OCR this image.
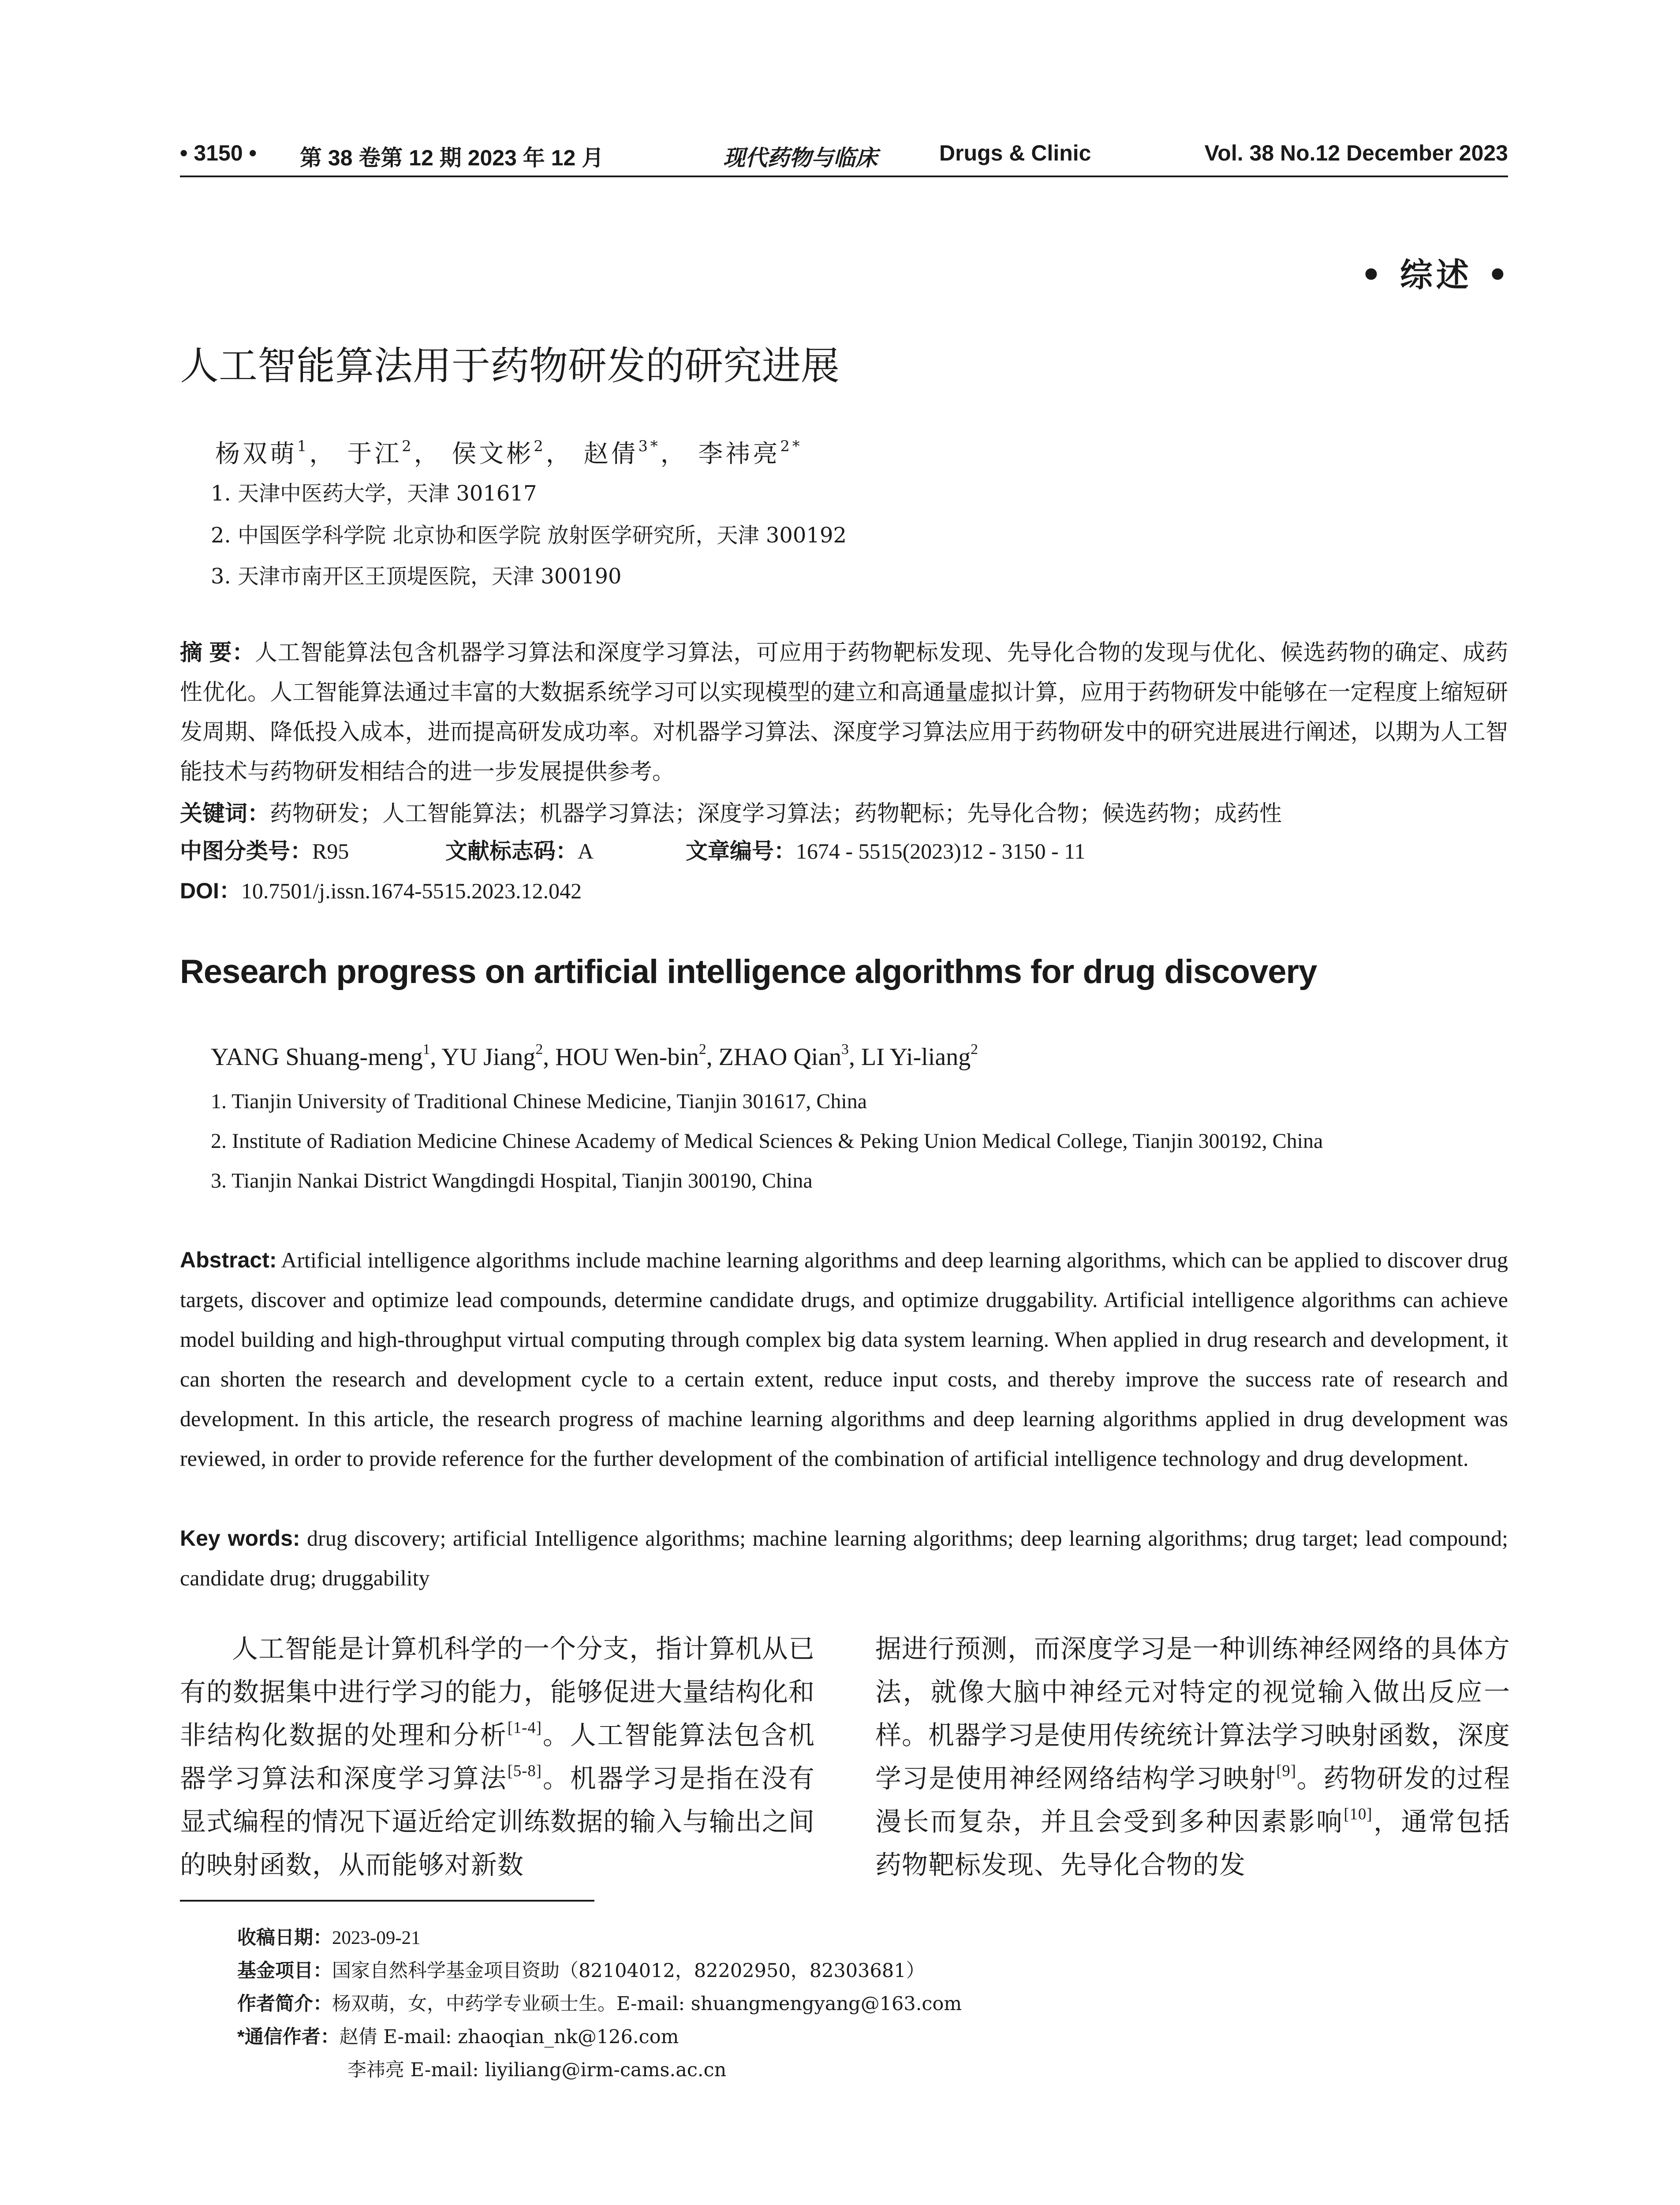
• 3150 • 第 38 卷第 12 期 2023 年 12 月	现代药物与临床	Drugs & Clinic	Vol. 38 No.12 December 2023
• 综述 •
人工智能算法用于药物研发的研究进展
杨双萌$^1$， 于江$^2$， 侯文彬$^2$， 赵倩$^{3*}$， 李祎亮$^{2*}$
1. 天津中医药大学，天津 301617
2. 中国医学科学院 北京协和医学院 放射医学研究所，天津 300192
3. 天津市南开区王顶堤医院，天津 300190
摘 要：人工智能算法包含机器学习算法和深度学习算法，可应用于药物靶标发现、先导化合物的发现与优化、候选药物的确定、成药性优化。人工智能算法通过丰富的大数据系统学习可以实现模型的建立和高通量虚拟计算，应用于药物研发中能够在一定程度上缩短研发周期、降低投入成本，进而提高研发成功率。对机器学习算法、深度学习算法应用于药物研发中的研究进展进行阐述，以期为人工智能技术与药物研发相结合的进一步发展提供参考。
关键词：药物研发；人工智能算法；机器学习算法；深度学习算法；药物靶标；先导化合物；候选药物；成药性
中图分类号：R95	文献标志码：A	文章编号：1674 - 5515(2023)12 - 3150 - 11
DOI：10.7501/j.issn.1674-5515.2023.12.042
Research progress on artificial intelligence algorithms for drug discovery
YANG Shuang-meng$^1$, YU Jiang$^2$, HOU Wen-bin$^2$, ZHAO Qian$^3$, LI Yi-liang$^2$
1. Tianjin University of Traditional Chinese Medicine, Tianjin 301617, China
2. Institute of Radiation Medicine Chinese Academy of Medical Sciences & Peking Union Medical College, Tianjin 300192, China
3. Tianjin Nankai District Wangdingdi Hospital, Tianjin 300190, China
Abstract: Artificial intelligence algorithms include machine learning algorithms and deep learning algorithms, which can be applied to discover drug targets, discover and optimize lead compounds, determine candidate drugs, and optimize druggability. Artificial intelligence algorithms can achieve model building and high-throughput virtual computing through complex big data system learning. When applied in drug research and development, it can shorten the research and development cycle to a certain extent, reduce input costs, and thereby improve the success rate of research and development. In this article, the research progress of machine learning algorithms and deep learning algorithms applied in drug development was reviewed, in order to provide reference for the further development of the combination of artificial intelligence technology and drug development.
Key words: drug discovery; artificial Intelligence algorithms; machine learning algorithms; deep learning algorithms; drug target; lead compound; candidate drug; druggability
人工智能是计算机科学的一个分支，指计算机从已有的数据集中进行学习的能力，能够促进大量结构化和非结构化数据的处理和分析[1-4]。人工智能算法包含机器学习算法和深度学习算法[5-8]。机器学习是指在没有显式编程的情况下逼近给定训练数据的输入与输出之间的映射函数，从而能够对新数
据进行预测，而深度学习是一种训练神经网络的具体方法，就像大脑中神经元对特定的视觉输入做出反应一样。机器学习是使用传统统计算法学习映射函数，深度学习是使用神经网络结构学习映射[9]。药物研发的过程漫长而复杂，并且会受到多种因素影响[10]，通常包括药物靶标发现、先导化合物的发
收稿日期：2023-09-21
基金项目：国家自然科学基金项目资助（82104012，82202950，82303681）
作者简介：杨双萌，女，中药学专业硕士生。E-mail: shuangmengyang@163.com
*通信作者：赵倩 E-mail: zhaoqian_nk@126.com
李祎亮 E-mail: liyiliang@irm-cams.ac.cn
